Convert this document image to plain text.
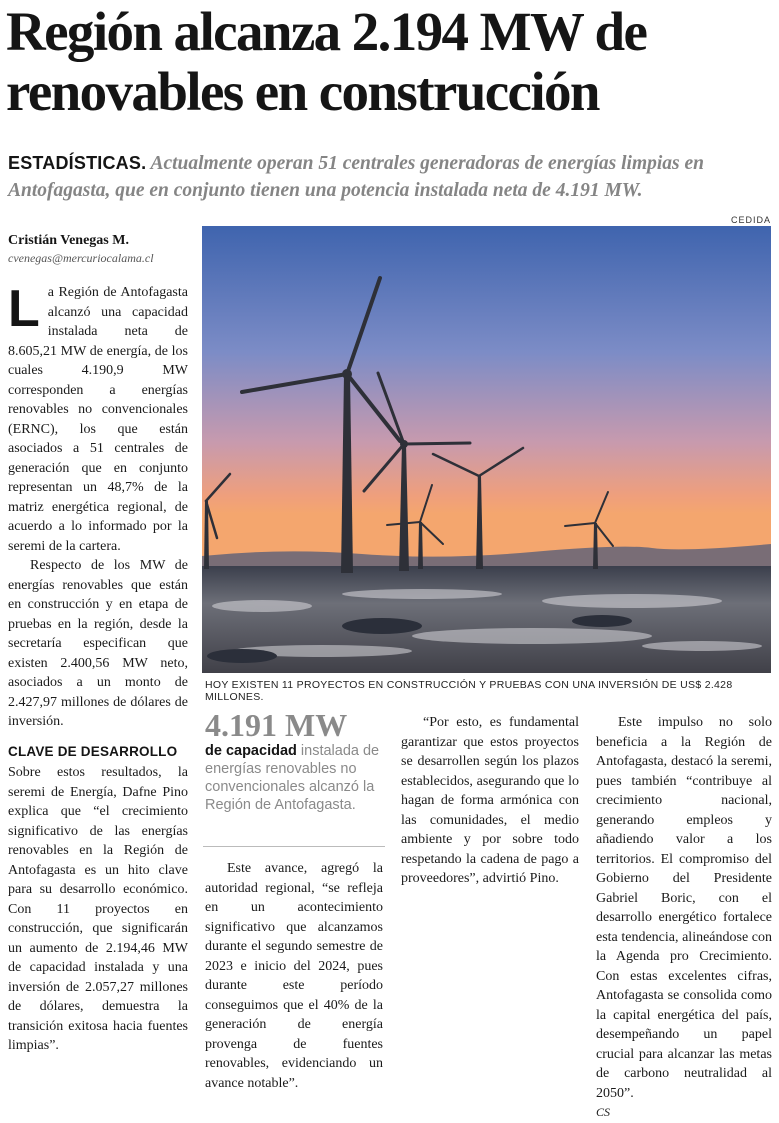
Región alcanza 2.194 MW de renovables en construcción
ESTADÍSTICAS. Actualmente operan 51 centrales generadoras de energías limpias en Antofagasta, que en conjunto tienen una potencia instalada neta de 4.191 MW.
CEDIDA
Cristián Venegas M.
cvenegas@mercuriocalama.cl
HOY EXISTEN 11 PROYECTOS EN CONSTRUCCIÓN Y PRUEBAS CON UNA INVERSIÓN DE US$ 2.428 MILLONES.
L a Región de Antofagasta alcanzó una capacidad instalada neta de 8.605,21 MW de energía, de los cuales 4.190,9 MW corresponden a energías renovables no convencionales (ERNC), los que están asociados a 51 centrales de generación que en conjunto representan un 48,7% de la matriz energética regional, de acuerdo a lo informado por la seremi de la cartera.

Respecto de los MW de energías renovables que están en construcción y en etapa de pruebas en la región, desde la secretaría especifican que existen 2.400,56 MW neto, asociados a un monto de 2.427,97 millones de dólares de inversión.

CLAVE DE DESARROLLO

Sobre estos resultados, la seremi de Energía, Dafne Pino explica que “el crecimiento significativo de las energías renovables en la Región de Antofagasta es un hito clave para su desarrollo económico. Con 11 proyectos en construcción, que significarán un aumento de 2.194,46 MW de capacidad instalada y una inversión de 2.057,27 millones de dólares, demuestra la transición exitosa hacia fuentes limpias”.

4.191 MW
de capacidad instalada de energías renovables no convencionales alcanzó la Región de Antofagasta.

Este avance, agregó la autoridad regional, “se refleja en un acontecimiento significativo que alcanzamos durante el segundo semestre de 2023 e inicio del 2024, pues durante este período conseguimos que el 40% de la generación de energía provenga de fuentes renovables, evidenciando un avance notable”.

“Por esto, es fundamental garantizar que estos proyectos se desarrollen según los plazos establecidos, asegurando que lo hagan de forma armónica con las comunidades, el medio ambiente y por sobre todo respetando la cadena de pago a proveedores”, advirtió Pino.

Este impulso no solo beneficia a la Región de Antofagasta, destacó la seremi, pues también “contribuye al crecimiento nacional, generando empleos y añadiendo valor a los territorios. El compromiso del Gobierno del Presidente Gabriel Boric, con el desarrollo energético fortalece esta tendencia, alineándose con la Agenda pro Crecimiento. Con estas excelentes cifras, Antofagasta se consolida como la capital energética del país, desempeñando un papel crucial para alcanzar las metas de carbono neutralidad al 2050”.

CS
